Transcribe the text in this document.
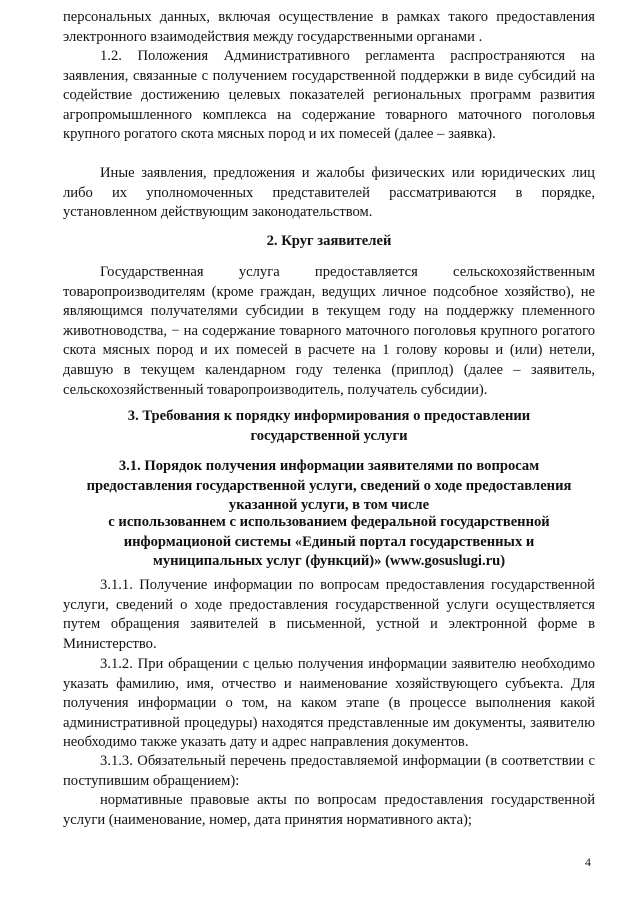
персональных данных, включая осуществление в рамках такого предоставления электронного взаимодействия между государственными органами .

1.2. Положения Административного регламента распространяются на заявления, связанные с получением государственной поддержки в виде субсидий на содействие достижению целевых показателей региональных программ развития агропромышленного комплекса на содержание товарного маточного поголовья крупного рогатого скота мясных пород и их помесей (далее – заявка).

Иные заявления, предложения и жалобы физических или юридических лиц либо их уполномоченных представителей рассматриваются в порядке, установленном действующим законодательством.

2. Круг заявителей

Государственная услуга предоставляется сельскохозяйственным товаропроизводителям (кроме граждан, ведущих личное подсобное хозяйство), не являющимся получателями субсидии в текущем году на поддержку племенного животноводства, − на содержание товарного маточного поголовья крупного рогатого скота мясных пород и их помесей в расчете на 1 голову коровы и (или) нетели, давшую в текущем календарном году теленка (приплод) (далее – заявитель, сельскохозяйственный товаропроизводитель, получатель субсидии).

3. Требования к порядку информирования о предоставлении государственной услуги

3.1. Порядок получения информации заявителями по вопросам предоставления государственной услуги, сведений о ходе предоставления указанной услуги, в том числе

с использованнем с использованием федеральной государственной информационой системы «Единый портал государственных и муниципальных услуг (функций)» (www.gosuslugi.ru)

3.1.1. Получение информации по вопросам предоставления государственной услуги, сведений о ходе предоставления государственной услуги осуществляется путем обращения заявителей в письменной, устной и электронной форме в Министерство.

3.1.2. При обращении с целью получения информации заявителю необходимо указать фамилию, имя, отчество и наименование хозяйствующего субъекта. Для получения информации о том, на каком этапе (в процессе выполнения какой административной процедуры) находятся представленные им документы, заявителю необходимо также указать дату и адрес направления документов.

3.1.3. Обязательный перечень предоставляемой информации (в соответствии с поступившим обращением):

нормативные правовые акты по вопросам предоставления государственной услуги (наименование, номер, дата принятия нормативного акта);

4
